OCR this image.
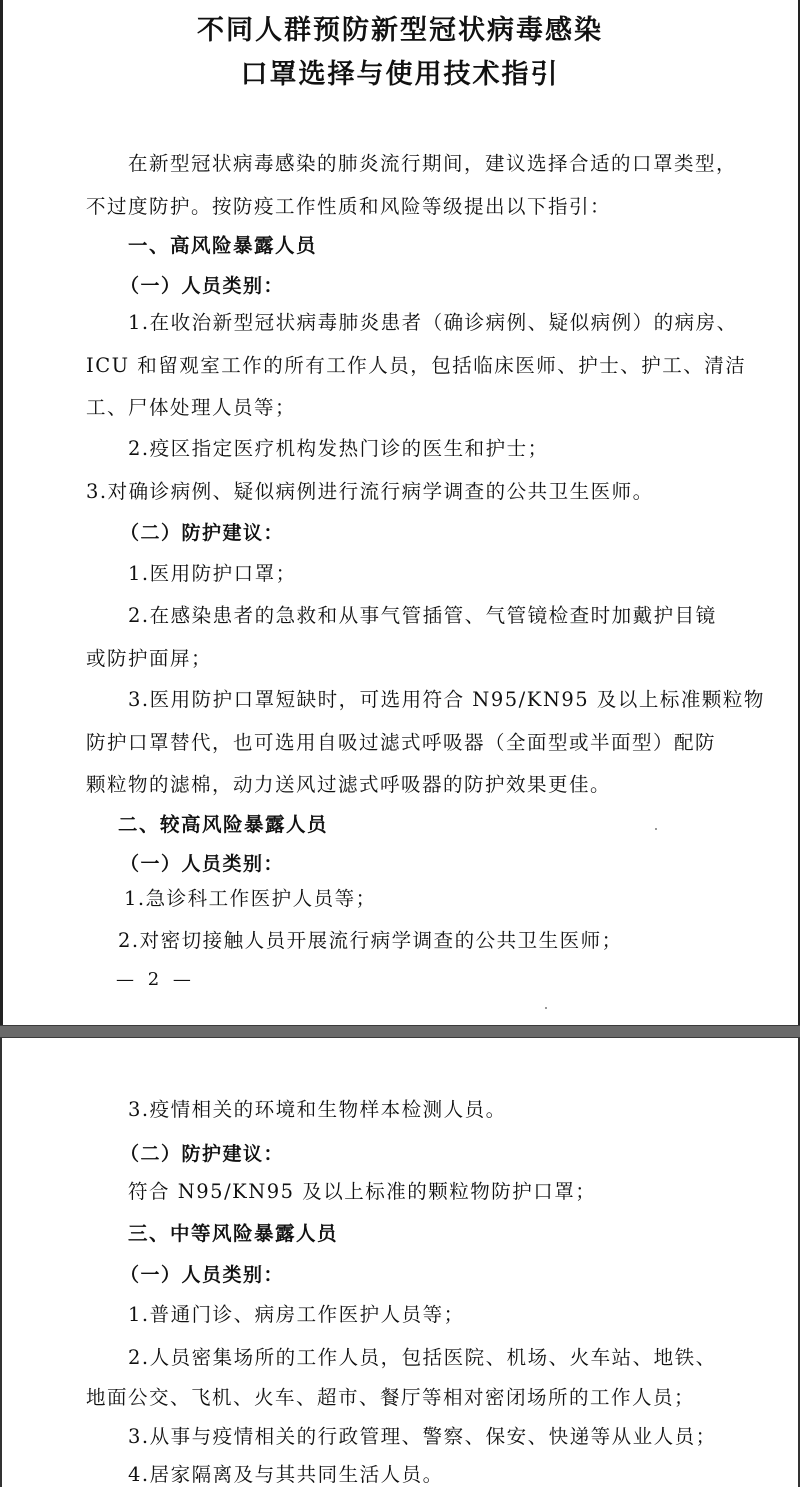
不同人群预防新型冠状病毒感染
口罩选择与使用技术指引
在新型冠状病毒感染的肺炎流行期间，建议选择合适的口罩类型，
不过度防护。按防疫工作性质和风险等级提出以下指引：
一、高风险暴露人员
（一）人员类别：
1.在收治新型冠状病毒肺炎患者（确诊病例、疑似病例）的病房、
ICU 和留观室工作的所有工作人员，包括临床医师、护士、护工、清洁
工、尸体处理人员等；
2.疫区指定医疗机构发热门诊的医生和护士；
3.对确诊病例、疑似病例进行流行病学调查的公共卫生医师。
（二）防护建议：
1.医用防护口罩；
2.在感染患者的急救和从事气管插管、气管镜检查时加戴护目镜
或防护面屏；
3.医用防护口罩短缺时，可选用符合 N95/KN95 及以上标准颗粒物
防护口罩替代，也可选用自吸过滤式呼吸器（全面型或半面型）配防
颗粒物的滤棉，动力送风过滤式呼吸器的防护效果更佳。
二、较高风险暴露人员
（一）人员类别：
1.急诊科工作医护人员等；
2.对密切接触人员开展流行病学调查的公共卫生医师；
— 2 —
3.疫情相关的环境和生物样本检测人员。
（二）防护建议：
符合 N95/KN95 及以上标准的颗粒物防护口罩；
三、中等风险暴露人员
（一）人员类别：
1.普通门诊、病房工作医护人员等；
2.人员密集场所的工作人员，包括医院、机场、火车站、地铁、
地面公交、飞机、火车、超市、餐厅等相对密闭场所的工作人员；
3.从事与疫情相关的行政管理、警察、保安、快递等从业人员；
4.居家隔离及与其共同生活人员。
